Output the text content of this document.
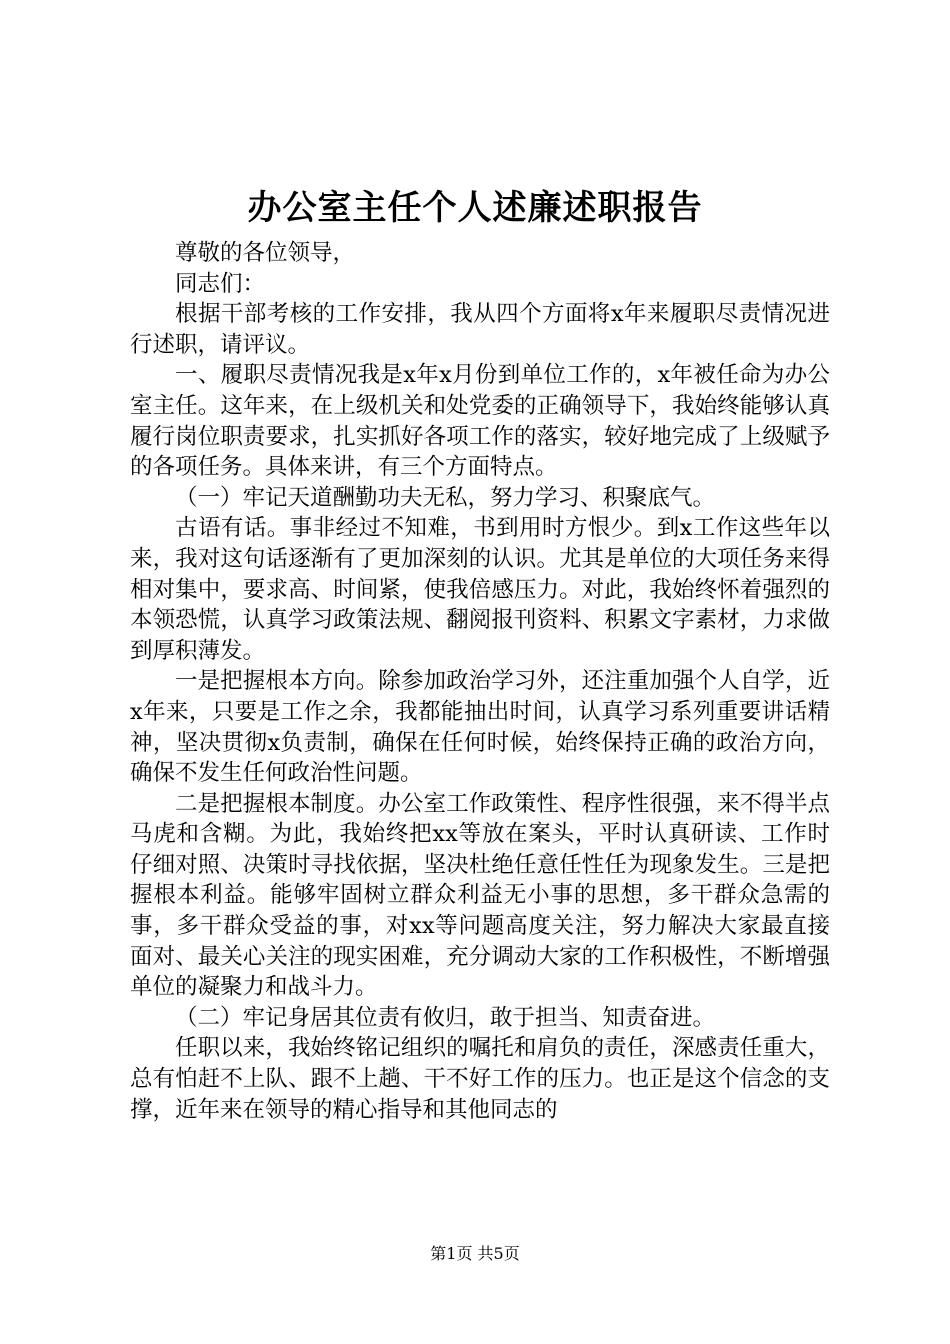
办公室主任个人述廉述职报告

尊敬的各位领导，

同志们：

根据干部考核的工作安排，我从四个方面将x年来履职尽责情况进行述职，请评议。

一、履职尽责情况我是x年x月份到单位工作的，x年被任命为办公室主任。这年来，在上级机关和处党委的正确领导下，我始终能够认真履行岗位职责要求，扎实抓好各项工作的落实，较好地完成了上级赋予的各项任务。具体来讲，有三个方面特点。

（一）牢记天道酬勤功夫无私，努力学习、积聚底气。

古语有话。事非经过不知难，书到用时方恨少。到x工作这些年以来，我对这句话逐渐有了更加深刻的认识。尤其是单位的大项任务来得相对集中，要求高、时间紧，使我倍感压力。对此，我始终怀着强烈的本领恐慌，认真学习政策法规、翻阅报刊资料、积累文字素材，力求做到厚积薄发。

一是把握根本方向。除参加政治学习外，还注重加强个人自学，近x年来，只要是工作之余，我都能抽出时间，认真学习系列重要讲话精神，坚决贯彻x负责制，确保在任何时候，始终保持正确的政治方向，确保不发生任何政治性问题。

二是把握根本制度。办公室工作政策性、程序性很强，来不得半点马虎和含糊。为此，我始终把xx等放在案头，平时认真研读、工作时仔细对照、决策时寻找依据，坚决杜绝任意任性任为现象发生。三是把握根本利益。能够牢固树立群众利益无小事的思想，多干群众急需的事，多干群众受益的事，对xx等问题高度关注，努力解决大家最直接面对、最关心关注的现实困难，充分调动大家的工作积极性，不断增强单位的凝聚力和战斗力。

（二）牢记身居其位责有攸归，敢于担当、知责奋进。

任职以来，我始终铭记组织的嘱托和肩负的责任，深感责任重大，总有怕赶不上队、跟不上趟、干不好工作的压力。也正是这个信念的支撑，近年来在领导的精心指导和其他同志的

第1页 共5页
